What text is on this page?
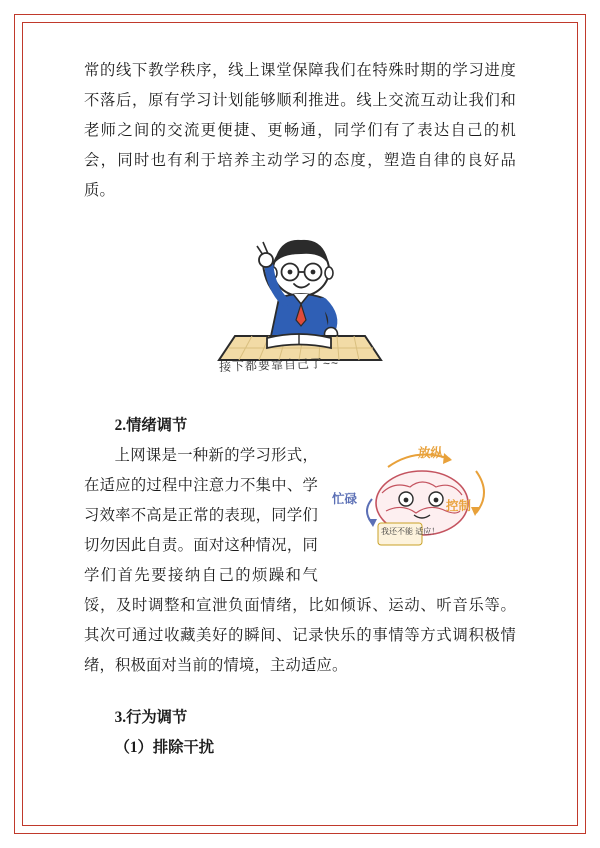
常的线下教学秩序，线上课堂保障我们在特殊时期的学习进度不落后，原有学习计划能够顺利推进。线上交流互动让我们和老师之间的交流更便捷、更畅通，同学们有了表达自己的机会，同时也有利于培养主动学习的态度，塑造自律的良好品质。

接下都要靠自己了~~

2.情绪调节

放纵
控制
忙碌
我还不能 适应！

上网课是一种新的学习形式，在适应的过程中注意力不集中、学习效率不高是正常的表现，同学们切勿因此自责。面对这种情况，同学们首先要接纳自己的烦躁和气馁，及时调整和宣泄负面情绪，比如倾诉、运动、听音乐等。其次可通过收藏美好的瞬间、记录快乐的事情等方式调积极情绪，积极面对当前的情境，主动适应。

3.行为调节

（1）排除干扰
